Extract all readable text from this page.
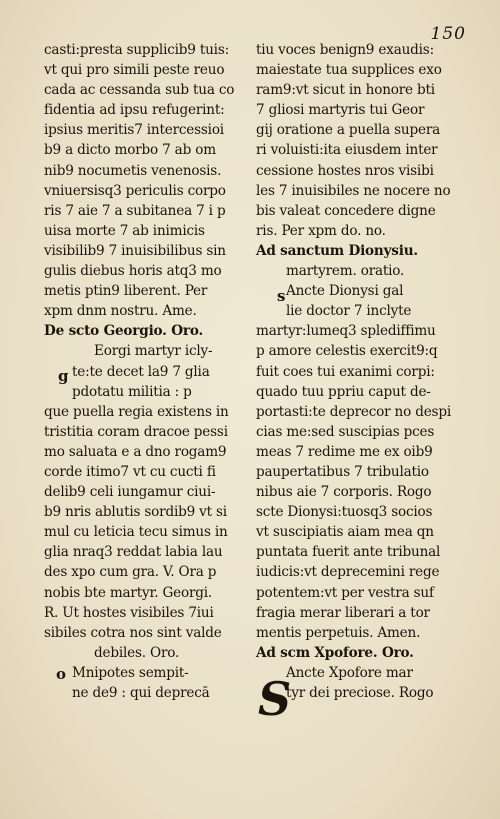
150
casti:presta supplicib9 tuis:
vt qui pro simili peste reuo
cada ac cessanda sub tua co
fidentia ad ipsu refugerint:
ipsius meritis7 intercessioi
b9 a dicto morbo 7 ab om
nib9 nocumetis venenosis.
vniuersisq3 periculis corpo
ris 7 aie 7 a subitanea 7 i p
uisa morte 7 ab inimicis
visibilib9 7 inuisibilibus sin
gulis diebus horis atq3 mo
metis ptin9 liberent. Per
xpm dnm nostru. Ame.
De scto Georgio. Oro.
Eorgi martyr icly-
te:te decet la9 7 glia
pdotatu militia : p
que puella regia existens in
tristitia coram dracoe pessi
mo saluata e a dno rogam9
corde itimo7 vt cu cucti fi
delib9 celi iungamur ciui-
b9 nris ablutis sordib9 vt si
mul cu leticia tecu simus in
glia nraq3 reddat labia lau
des xpo cum gra. V. Ora p
nobis bte martyr. Georgi.
R. Ut hostes visibiles 7iui
sibiles cotra nos sint valde
debiles. Oro.
Mnipotes sempit-
ne de9 : qui deprecā
tiu voces benign9 exaudis:
maiestate tua supplices exo
ram9:vt sicut in honore bti
7 gliosi martyris tui Geor
gij oratione a puella supera
ri voluisti:ita eiusdem inter
cessione hostes nros visibi
les 7 inuisibiles ne nocere no
bis valeat concedere digne
ris. Per xpm do. no.
Ad sanctum Dionysiu.
martyrem. oratio.
Ancte Dionysi gal
lie doctor 7 inclyte
martyr:lumeq3 splediffimu
p amore celestis exercit9:q
fuit coes tui exanimi corpi:
quado tuu ppriu caput de-
portasti:te deprecor no despi
cias me:sed suscipias pces
meas 7 redime me ex oib9
paupertatibus 7 tribulatio
nibus aie 7 corporis. Rogo
scte Dionysi:tuosq3 socios
vt suscipiatis aiam mea qn
puntata fuerit ante tribunal
iudicis:vt deprecemini rege
potentem:vt per vestra suf
fragia merar liberari a tor
mentis perpetuis. Amen.
Ad scm Xpofore. Oro.
Ancte Xpofore mar
tyr dei preciose. Rogo
g
o
s
S
